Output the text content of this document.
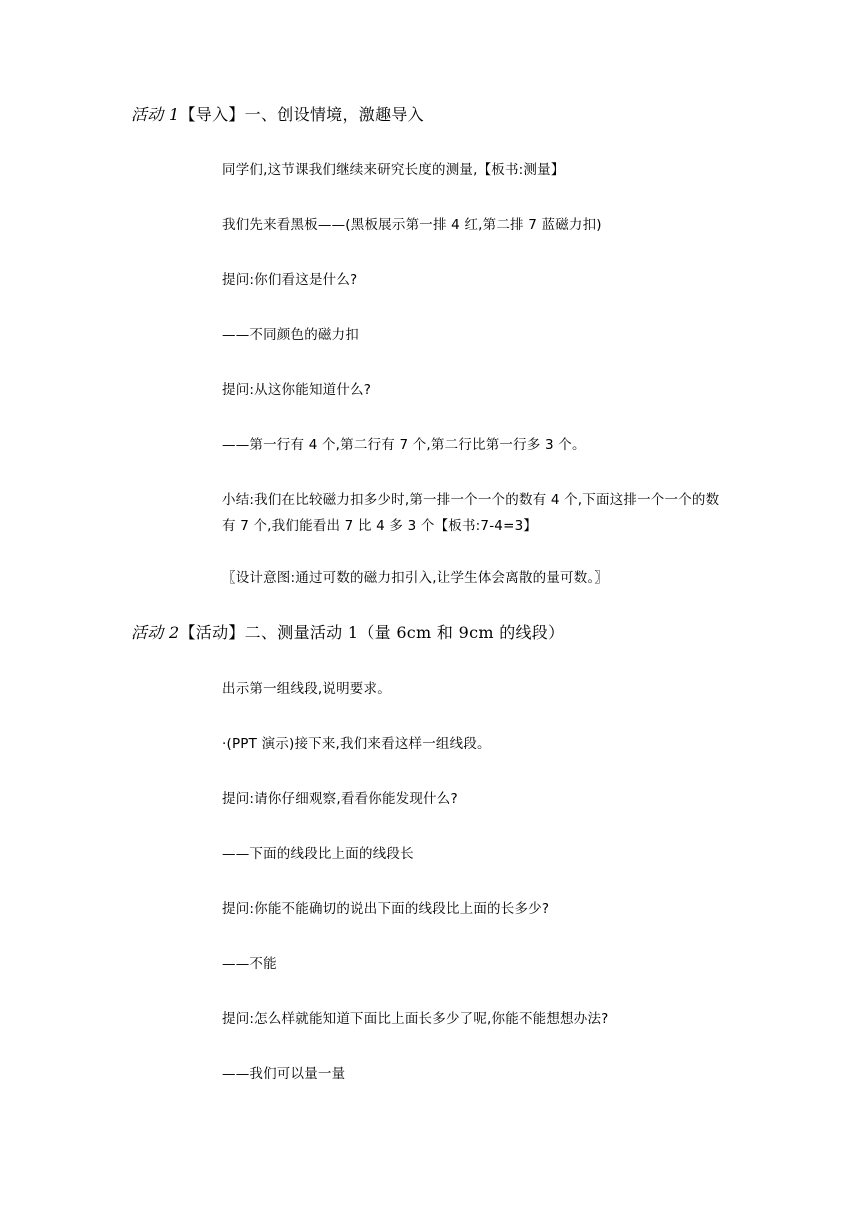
活动 1【导入】一、创设情境，激趣导入
同学们,这节课我们继续来研究长度的测量,【板书:测量】
我们先来看黑板——(黑板展示第一排 4 红,第二排 7 蓝磁力扣)
提问:你们看这是什么?
——不同颜色的磁力扣
提问:从这你能知道什么?
——第一行有 4 个,第二行有 7 个,第二行比第一行多 3 个。
小结:我们在比较磁力扣多少时,第一排一个一个的数有 4 个,下面这排一个一个的数有 7 个,我们能看出 7 比 4 多 3 个【板书:7-4=3】
〖设计意图:通过可数的磁力扣引入,让学生体会离散的量可数。〗
活动 2【活动】二、测量活动 1（量 6cm 和 9cm 的线段）
出示第一组线段,说明要求。
·(PPT 演示)接下来,我们来看这样一组线段。
提问:请你仔细观察,看看你能发现什么?
——下面的线段比上面的线段长
提问:你能不能确切的说出下面的线段比上面的长多少?
——不能
提问:怎么样就能知道下面比上面长多少了呢,你能不能想想办法?
——我们可以量一量
